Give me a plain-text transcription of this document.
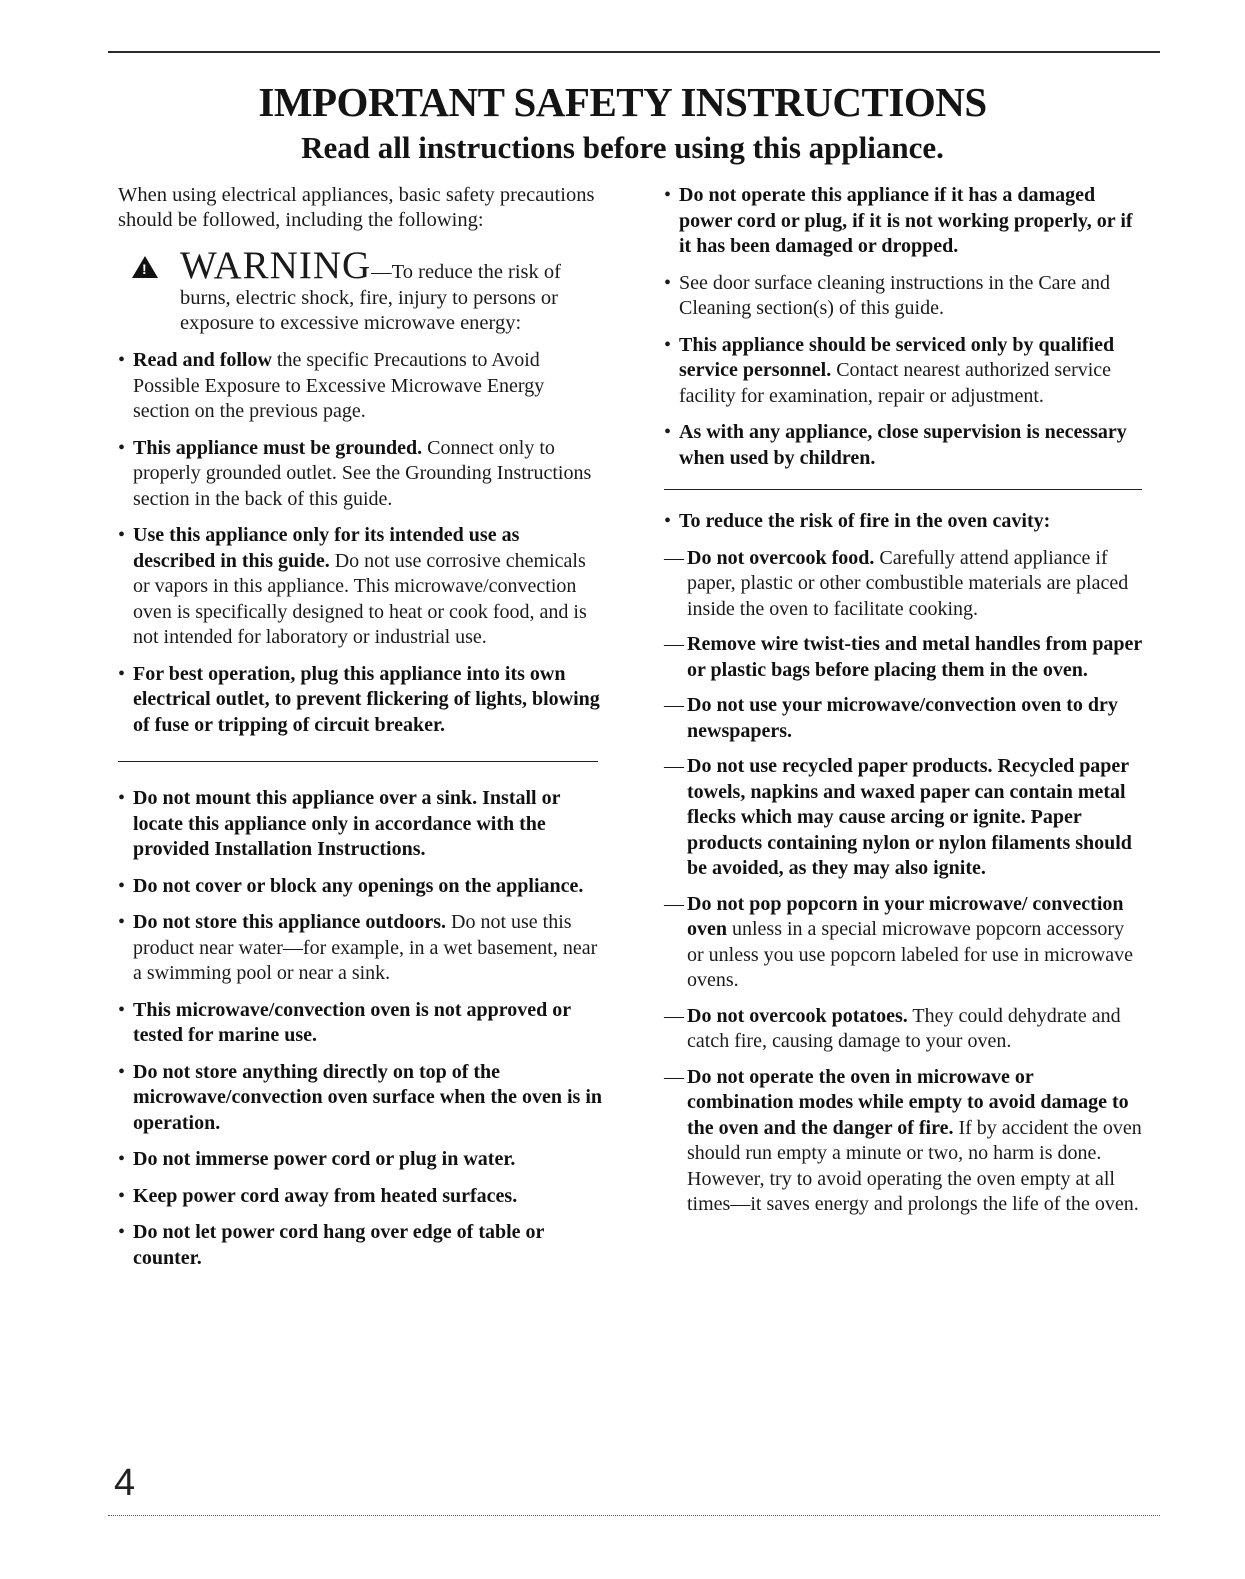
IMPORTANT SAFETY INSTRUCTIONS
Read all instructions before using this appliance.

When using electrical appliances, basic safety precautions should be followed, including the following:

!
WARNING—To reduce the risk of
burns, electric shock, fire, injury to persons or exposure to excessive microwave energy:
• Read and follow the specific Precautions to Avoid Possible Exposure to Excessive Microwave Energy section on the previous page.
• This appliance must be grounded. Connect only to properly grounded outlet. See the Grounding Instructions section in the back of this guide.
• Use this appliance only for its intended use as described in this guide. Do not use corrosive chemicals or vapors in this appliance. This microwave/convection oven is specifically designed to heat or cook food, and is not intended for laboratory or industrial use.
• For best operation, plug this appliance into its own electrical outlet, to prevent flickering of lights, blowing of fuse or tripping of circuit breaker.
• Do not mount this appliance over a sink. Install or locate this appliance only in accordance with the provided Installation Instructions.
• Do not cover or block any openings on the appliance.
• Do not store this appliance outdoors. Do not use this product near water—for example, in a wet basement, near a swimming pool or near a sink.
• This microwave/convection oven is not approved or tested for marine use.
• Do not store anything directly on top of the microwave/convection oven surface when the oven is in operation.
• Do not immerse power cord or plug in water.
• Keep power cord away from heated surfaces.
• Do not let power cord hang over edge of table or counter.
• Do not operate this appliance if it has a damaged power cord or plug, if it is not working properly, or if it has been damaged or dropped.
• See door surface cleaning instructions in the Care and Cleaning section(s) of this guide.
• This appliance should be serviced only by qualified service personnel. Contact nearest authorized service facility for examination, repair or adjustment.
• As with any appliance, close supervision is necessary when used by children.
• To reduce the risk of fire in the oven cavity:
— Do not overcook food. Carefully attend appliance if paper, plastic or other combustible materials are placed inside the oven to facilitate cooking.
— Remove wire twist-ties and metal handles from paper or plastic bags before placing them in the oven.
— Do not use your microwave/convection oven to dry newspapers.
— Do not use recycled paper products. Recycled paper towels, napkins and waxed paper can contain metal flecks which may cause arcing or ignite. Paper products containing nylon or nylon filaments should be avoided, as they may also ignite.
— Do not pop popcorn in your microwave/ convection oven unless in a special microwave popcorn accessory or unless you use popcorn labeled for use in microwave ovens.
— Do not overcook potatoes. They could dehydrate and catch fire, causing damage to your oven.
— Do not operate the oven in microwave or combination modes while empty to avoid damage to the oven and the danger of fire. If by accident the oven should run empty a minute or two, no harm is done. However, try to avoid operating the oven empty at all times—it saves energy and prolongs the life of the oven.
4
